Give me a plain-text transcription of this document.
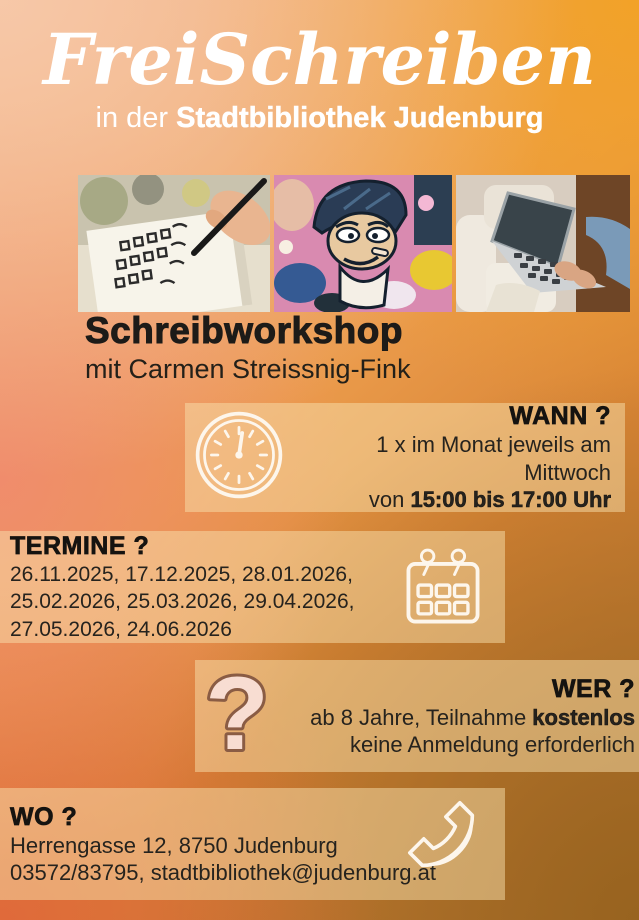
FreiSchreiben
in der Stadtbibliothek Judenburg
Schreibworkshop
mit Carmen Streissnig-Fink
WANN ?
1 x im Monat jeweils am Mittwoch
von 15:00 bis 17:00 Uhr
TERMINE ?
26.11.2025, 17.12.2025, 28.01.2026,
25.02.2026, 25.03.2026, 29.04.2026,
27.05.2026, 24.06.2026
?	WER ?
ab 8 Jahre, Teilnahme kostenlos
keine Anmeldung erforderlich
WO ?
Herrengasse 12, 8750 Judenburg
03572/83795, stadtbibliothek@judenburg.at
